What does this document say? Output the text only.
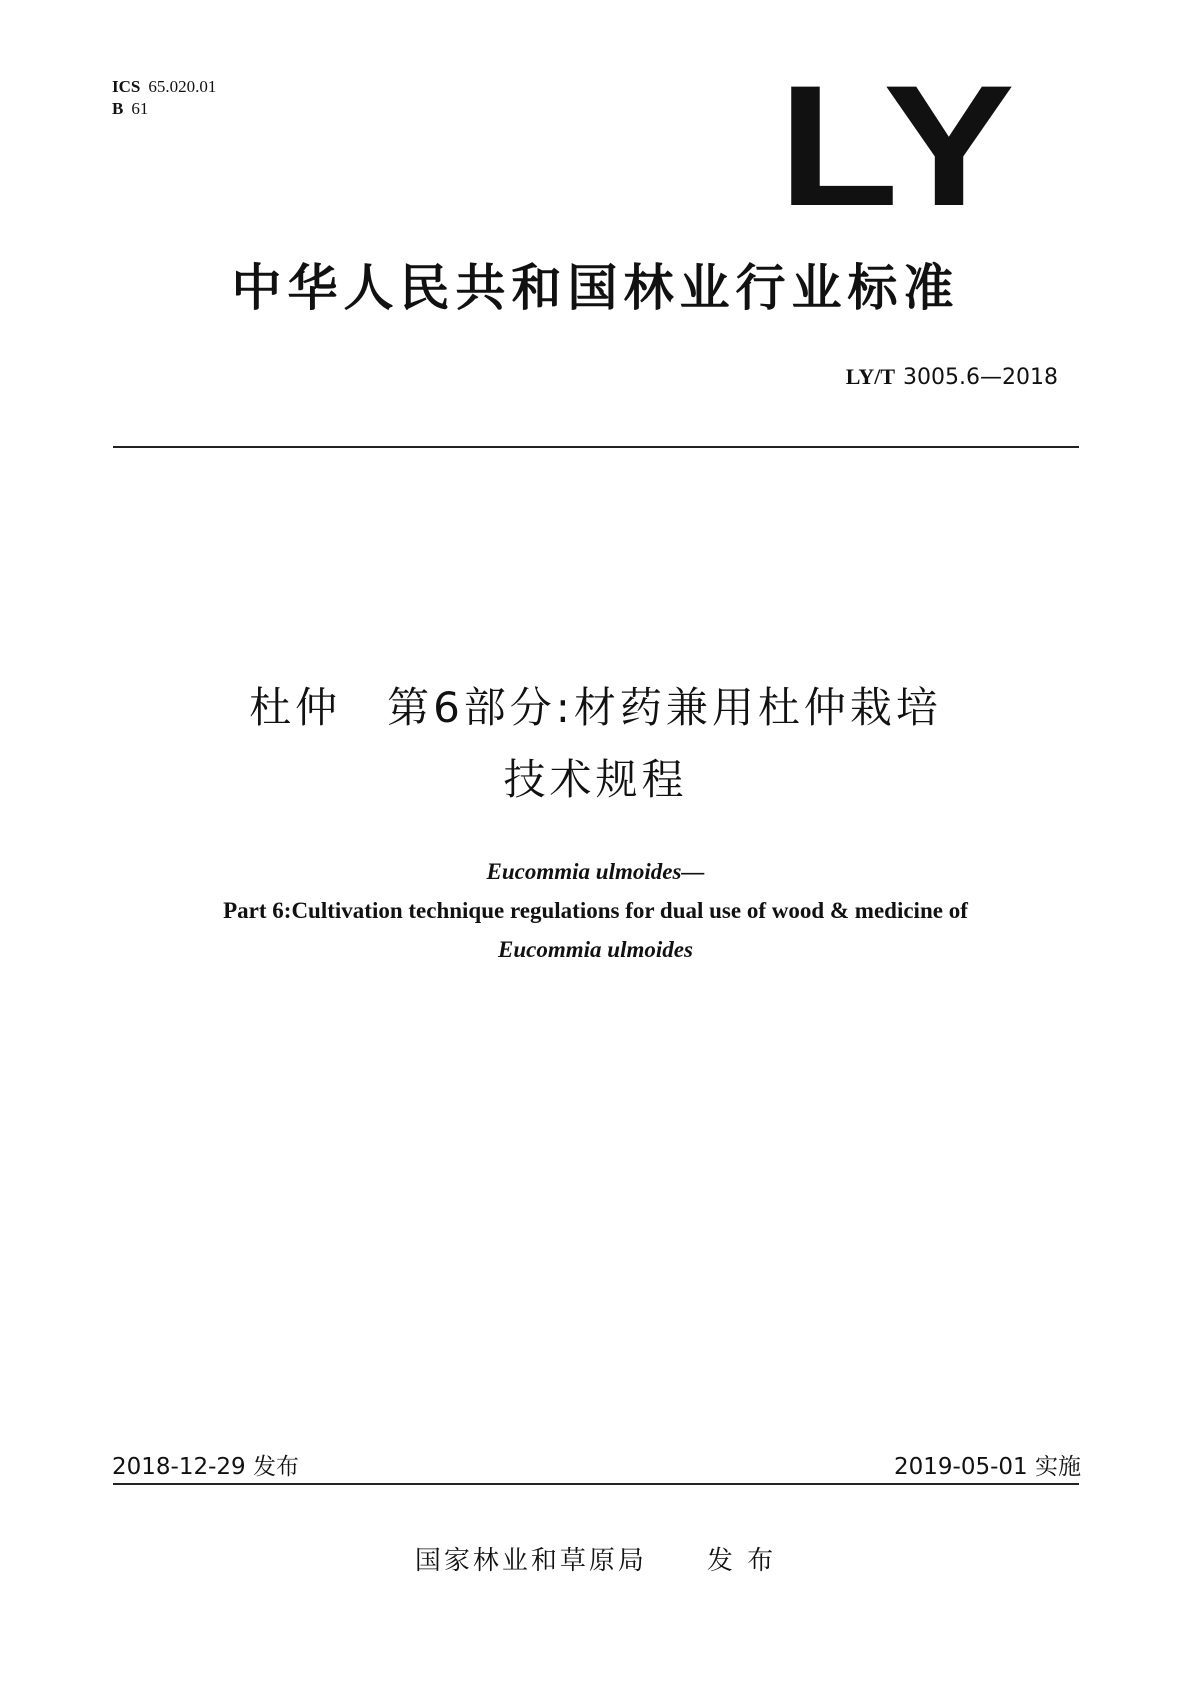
ICS 65.020.01
B 61	LY
中华人民共和国林业行业标准
LY/T 3005.6—2018
杜仲　第6部分:材药兼用杜仲栽培
技术规程
Eucommia ulmoides—
Part 6:Cultivation technique regulations for dual use of wood & medicine of
Eucommia ulmoides
2018-12-29 发布	2019-05-01 实施
国家林业和草原局 发 布
